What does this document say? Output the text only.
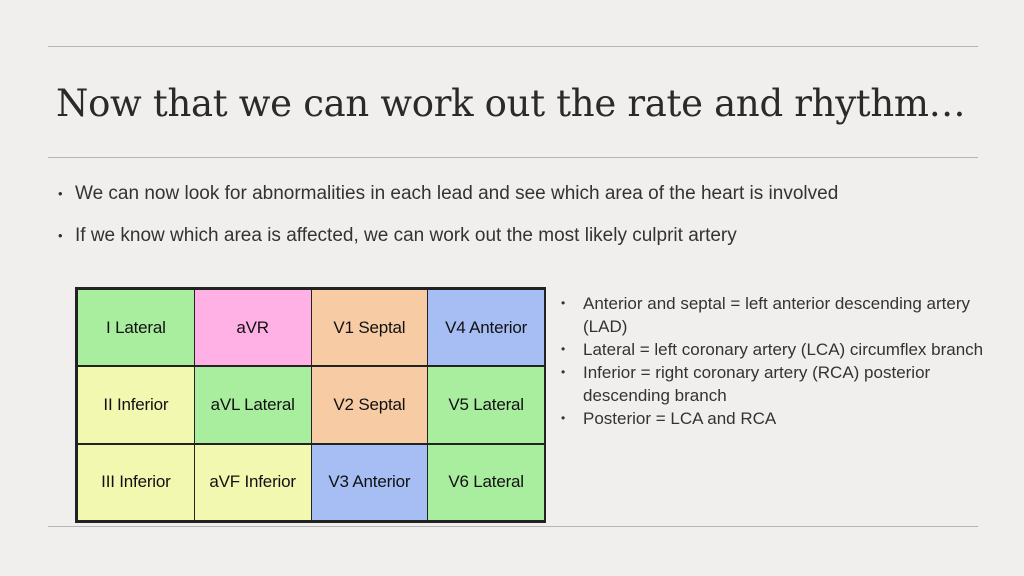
Now that we can work out the rate and rhythm…
• We can now look for abnormalities in each lead and see which area of the heart is involved
• If we know which area is affected, we can work out the most likely culprit artery
I Lateral	aVR	V1 Septal	V4 Anterior
II Inferior	aVL Lateral	V2 Septal	V5 Lateral
III Inferior	aVF Inferior	V3 Anterior	V6 Lateral
• Anterior and septal = left anterior descending artery (LAD)
• Lateral = left coronary artery (LCA) circumflex branch
• Inferior = right coronary artery (RCA) posterior descending branch
• Posterior = LCA and RCA
